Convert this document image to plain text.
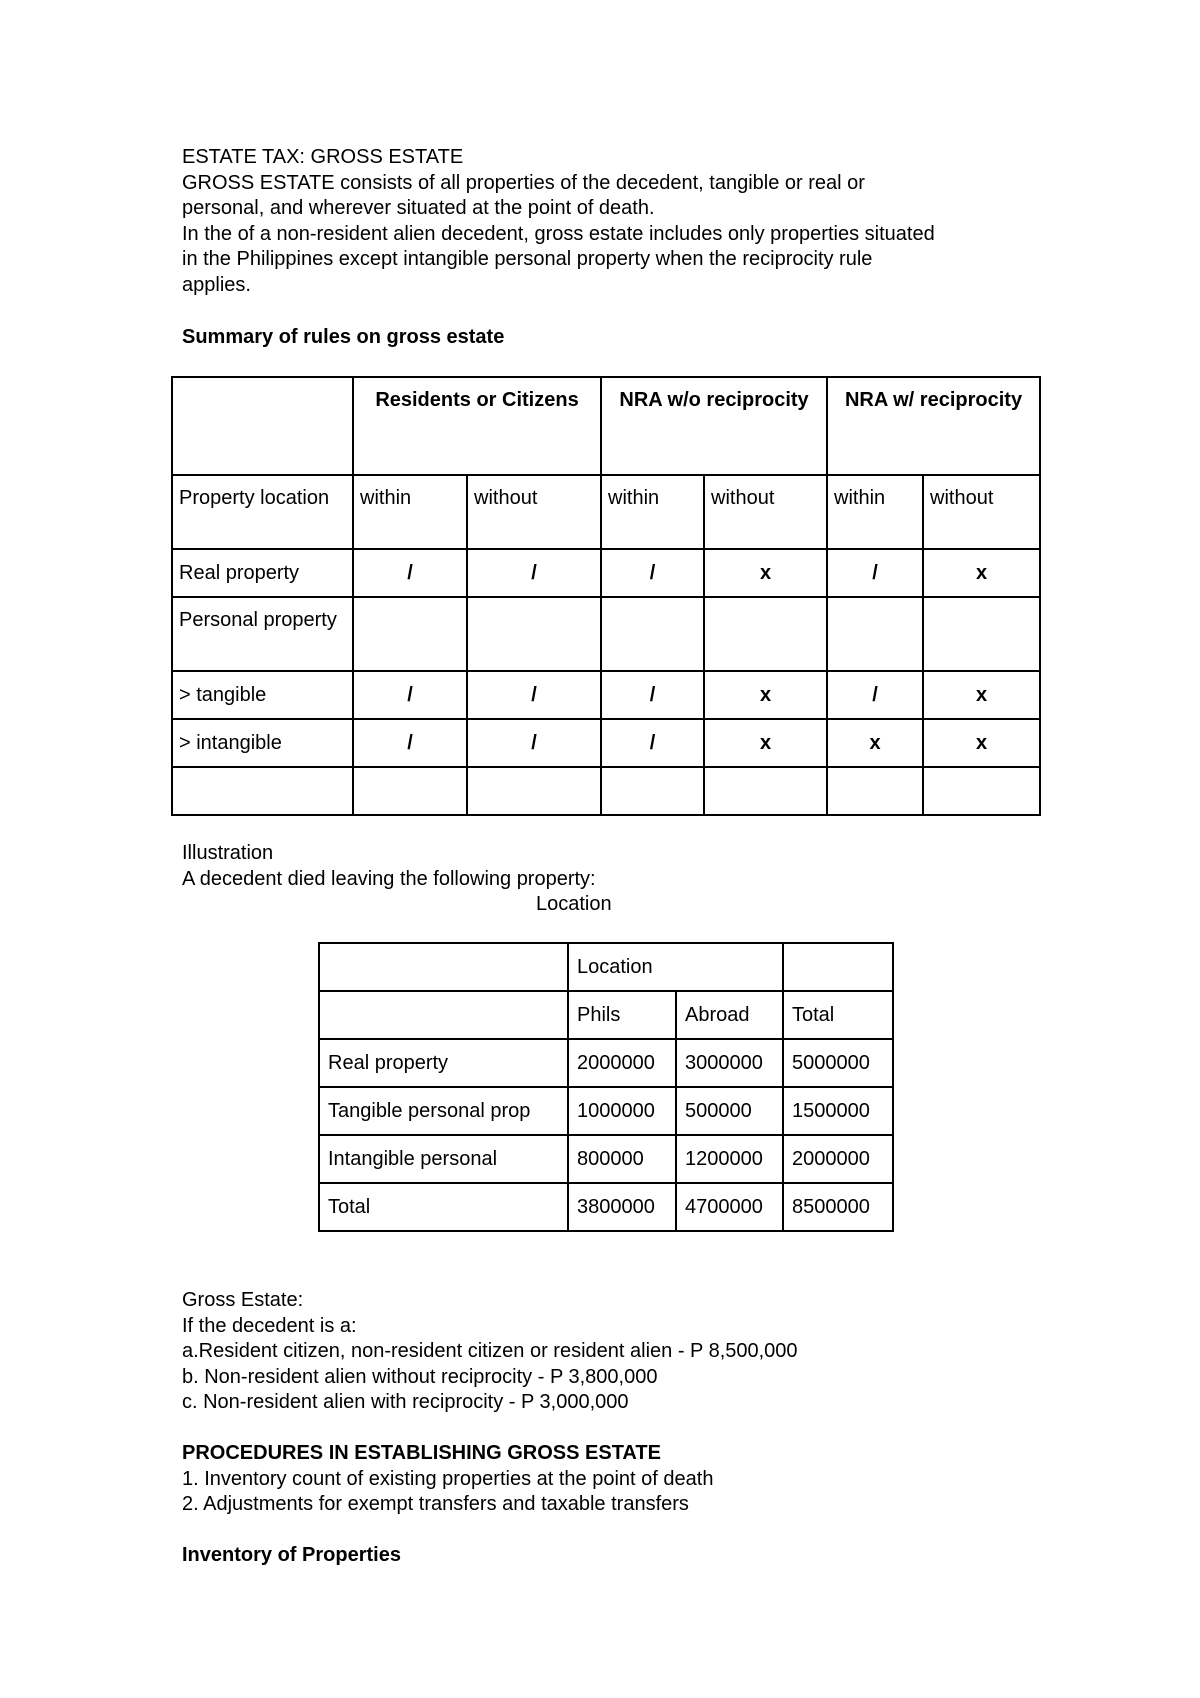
ESTATE TAX: GROSS ESTATE
GROSS ESTATE consists of all properties of the decedent, tangible or real or
personal, and wherever situated at the point of death.
In the of a non-resident alien decedent, gross estate includes only properties situated
in the Philippines except intangible personal property when the reciprocity rule
applies.
Summary of rules on gross estate
	Residents or Citizens		NRA w/o reciprocity		NRA w/ reciprocity	
Property location	within	without	within	without	within	without
Real property	/	/	/	x	/	x
Personal property						
> tangible	/	/	/	x	/	x
> intangible	/	/	/	x	x	x

Illustration
A decedent died leaving the following property:
Location
	Location		
	Phils	Abroad	Total
Real property	2000000	3000000	5000000
Tangible personal prop	1000000	500000	1500000
Intangible personal	800000	1200000	2000000
Total	3800000	4700000	8500000
Gross Estate:
If the decedent is a:
a.Resident citizen, non-resident citizen or resident alien - P 8,500,000
b. Non-resident alien without reciprocity - P 3,800,000
c. Non-resident alien with reciprocity - P 3,000,000
PROCEDURES IN ESTABLISHING GROSS ESTATE
1. Inventory count of existing properties at the point of death
2. Adjustments for exempt transfers and taxable transfers
Inventory of Properties
